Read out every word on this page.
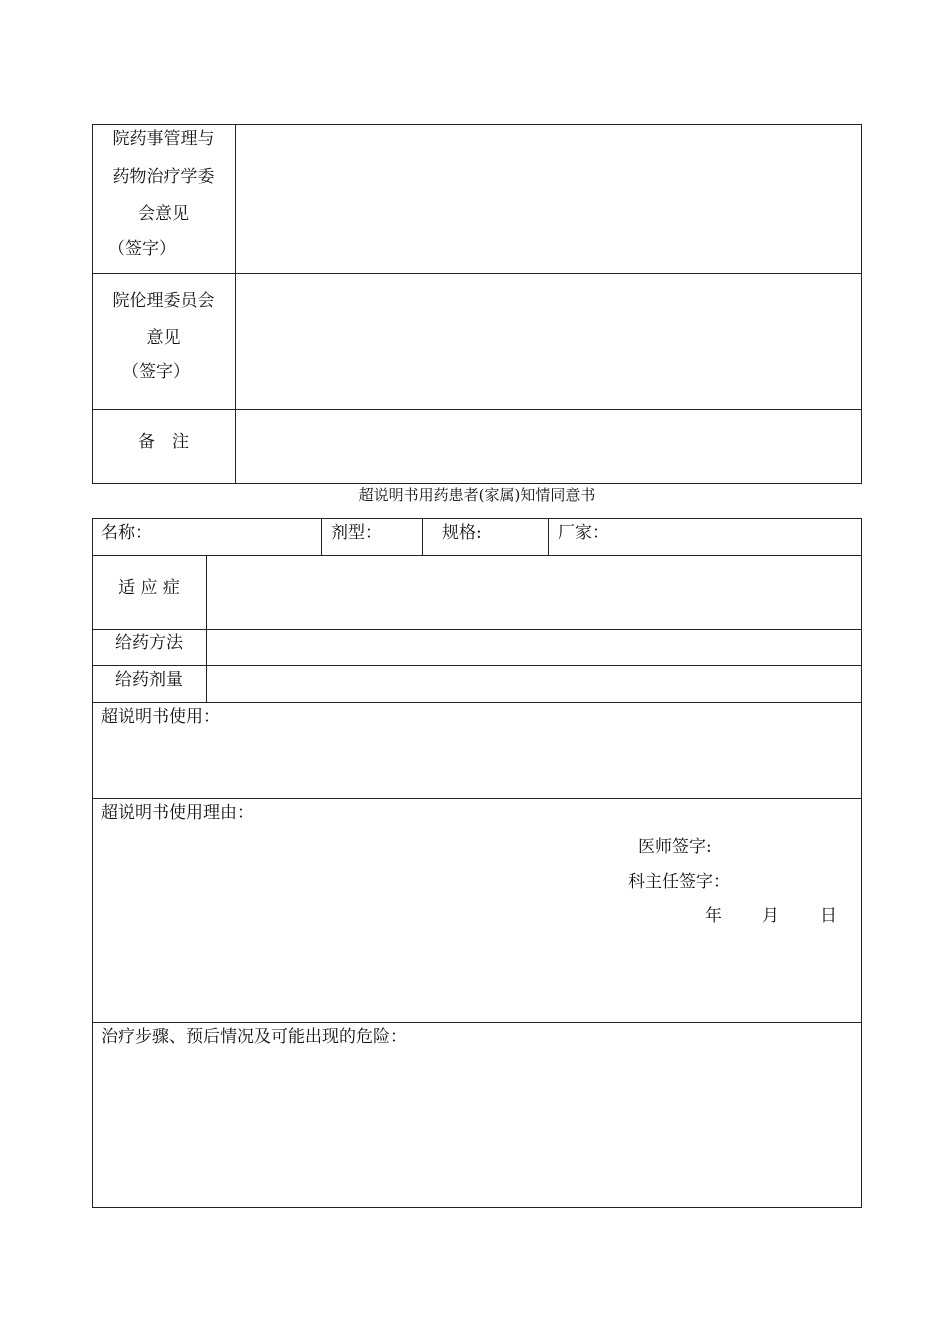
院药事管理与
药物治疗学委
会意见
（签字）
院伦理委员会
意见
（签字）
备　注
超说明书用药患者(家属)知情同意书
名称：	剂型：	规格:	厂家：
适 应 症
给药方法
给药剂量
超说明书使用：
超说明书使用理由：
医师签字:
科主任签字：
年 月 日
治疗步骤、预后情况及可能出现的危险：
